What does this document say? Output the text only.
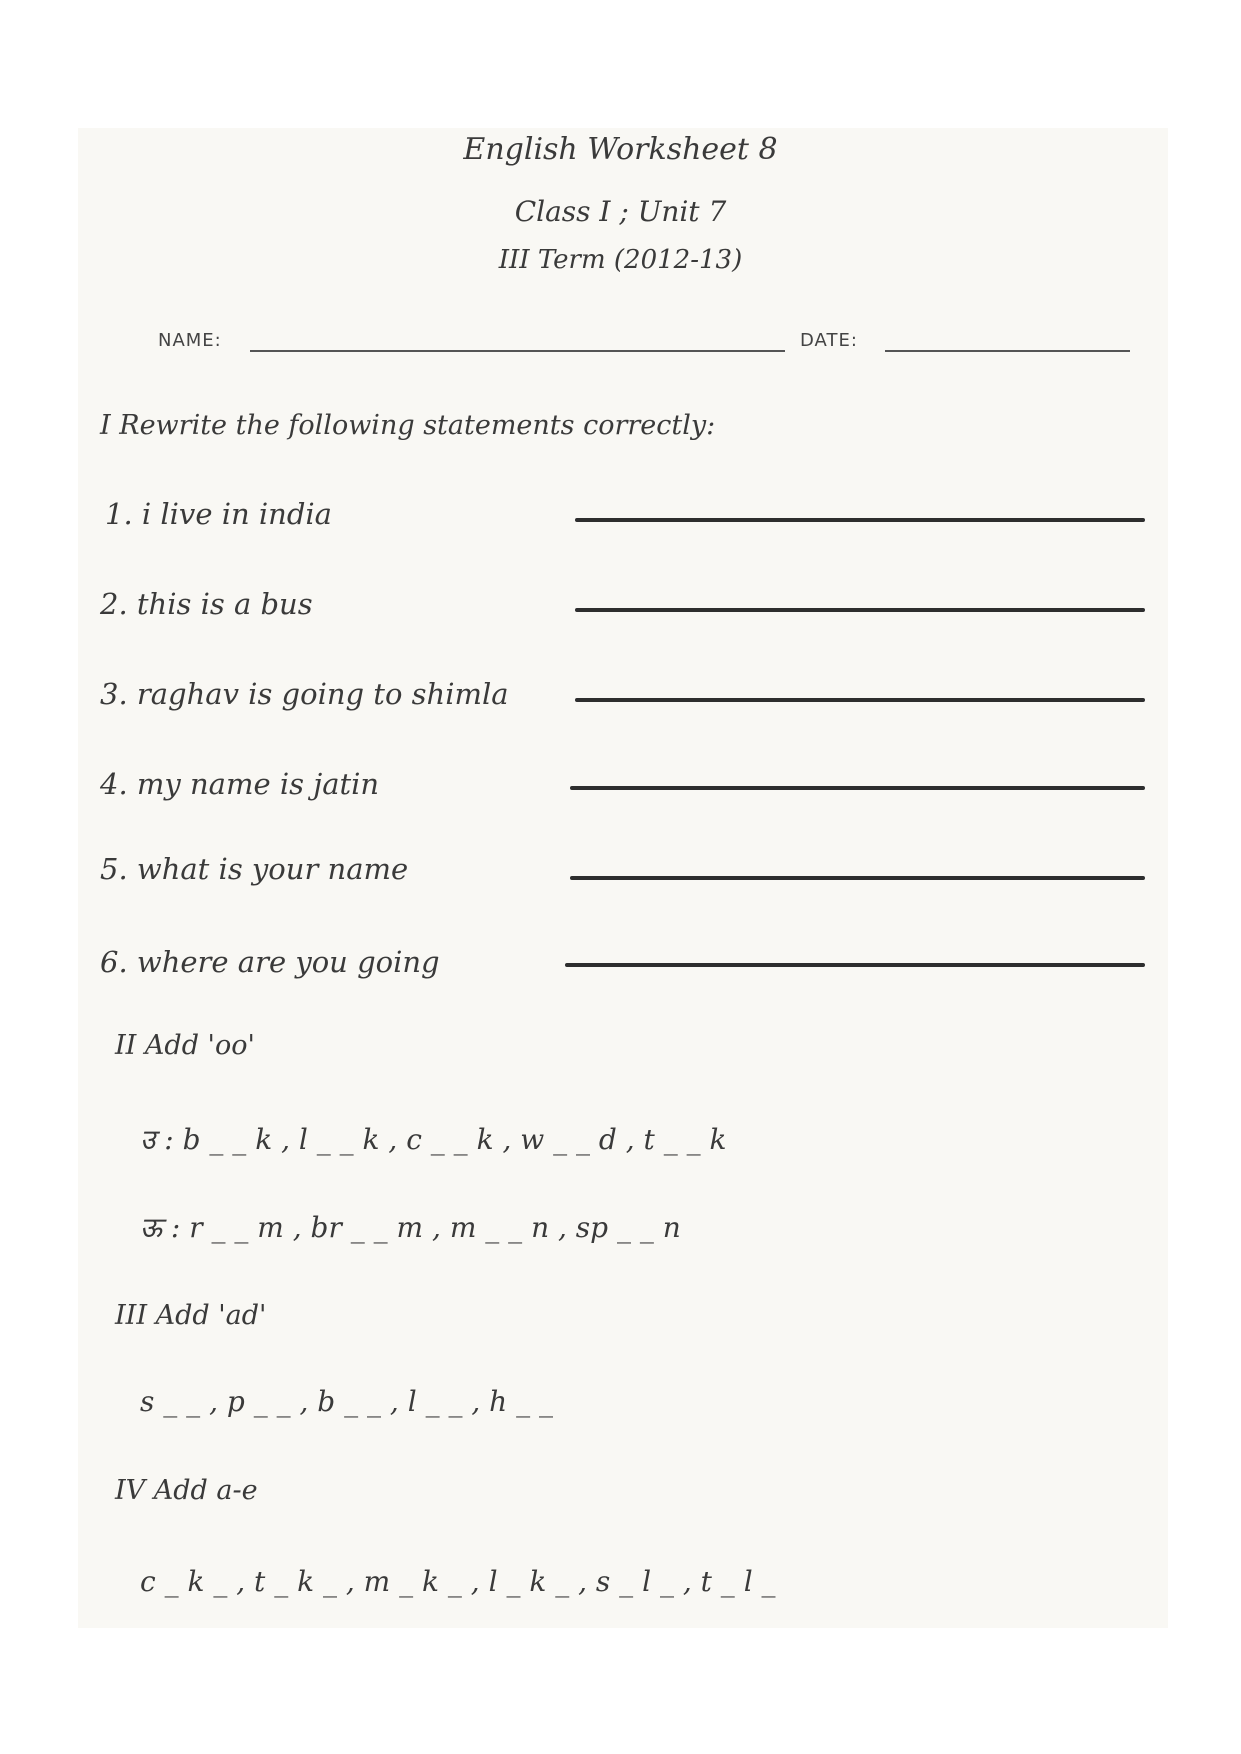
English Worksheet 8
Class I ; Unit 7
III Term (2012-13)
NAME:	DATE:
I Rewrite the following statements correctly:
1. i live in india
2. this is a bus
3. raghav is going to shimla
4. my name is jatin
5. what is your name
6. where are you going
II Add 'oo'
उ : b _ _ k , l _ _ k , c _ _ k , w _ _ d , t _ _ k
ऊ : r _ _ m , br _ _ m , m _ _ n , sp _ _ n
III Add 'ad'
s _ _ , p _ _ , b _ _ , l _ _ , h _ _
IV Add a-e
c _ k _ , t _ k _ , m _ k _ , l _ k _ , s _ l _ , t _ l _
